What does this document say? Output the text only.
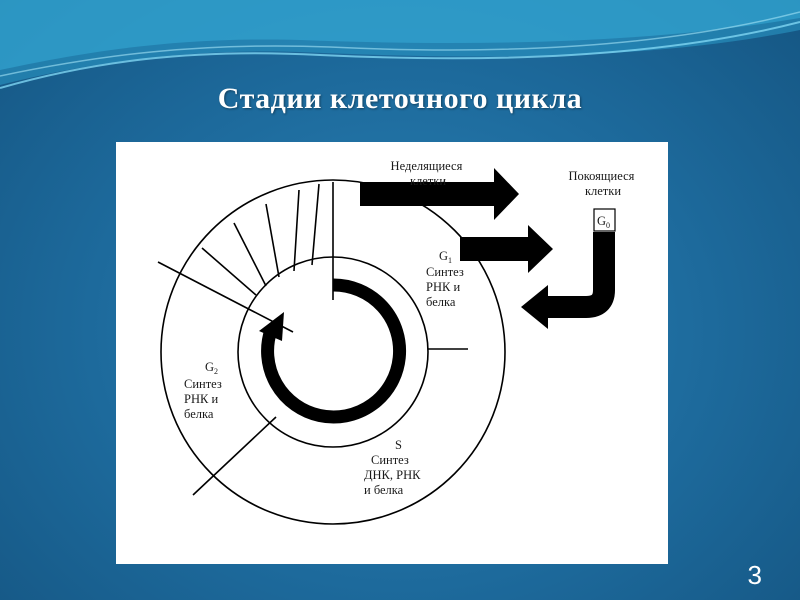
Стадии клеточного цикла
Неделящиеся клетки	Покоящиеся клетки
$G_0$
$G_1$ Синтез РНК и белка
$G_2$ Синтез РНК и белка
S Синтез ДНК, РНК и белка
3
